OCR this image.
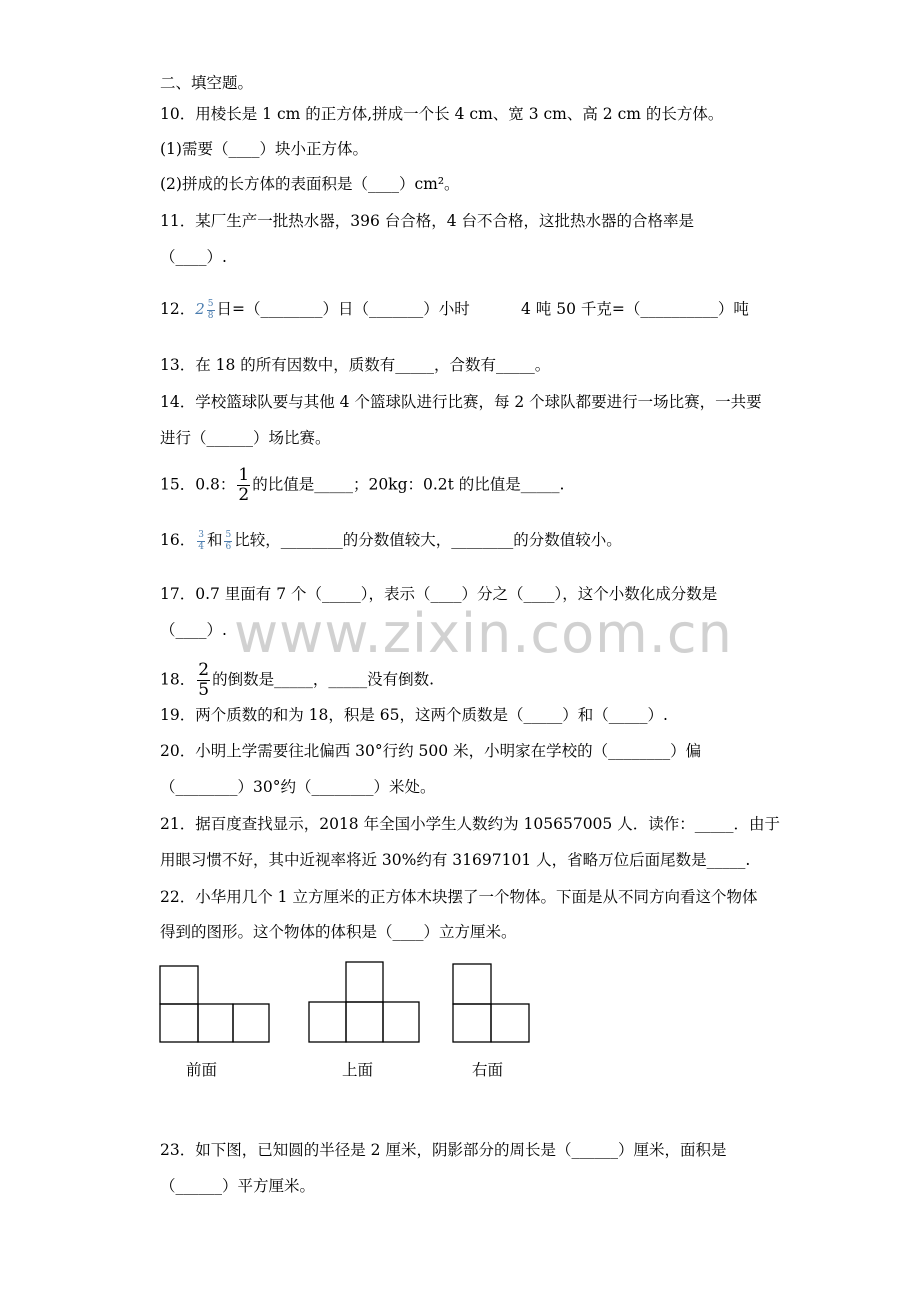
www.zixin.com.cn
二、填空题。
10．用棱长是 1 cm 的正方体,拼成一个长 4 cm、宽 3 cm、高 2 cm 的长方体。
(1)需要（____）块小正方体。
(2)拼成的长方体的表面积是（____）cm²。
11．某厂生产一批热水器，396 台合格，4 台不合格，这批热水器的合格率是
（____）.
12．$2 \frac{5}{8}$ 日=（________）日（_______）小时	4 吨 50 千克=（__________）吨
13．在 18 的所有因数中，质数有_____，合数有_____。
14．学校篮球队要与其他 4 个篮球队进行比赛，每 2 个球队都要进行一场比赛，一共要
进行（______）场比赛。
15．0.8： $\frac{1}{2}$ 的比值是_____；20kg：0.2t 的比值是_____.
16． $\frac{3}{4}$ 和 $\frac{5}{6}$ 比较，________的分数值较大，________的分数值较小。
17．0.7 里面有 7 个（_____），表示（____）分之（____），这个小数化成分数是
（____）.
18． $\frac{2}{5}$ 的倒数是_____，_____没有倒数.
19．两个质数的和为 18，积是 65，这两个质数是（_____）和（_____）.
20．小明上学需要往北偏西 30°行约 500 米，小明家在学校的（________）偏
（________）30°约（________）米处。
21．据百度查找显示，2018 年全国小学生人数约为 105657005 人．读作：_____．由于
用眼习惯不好，其中近视率将近 30%约有 31697101 人，省略万位后面尾数是_____.
22．小华用几个 1 立方厘米的正方体木块摆了一个物体。下面是从不同方向看这个物体
得到的图形。这个物体的体积是（____）立方厘米。
前面	上面	右面
23．如下图，已知圆的半径是 2 厘米，阴影部分的周长是（______）厘米，面积是
（______）平方厘米。
